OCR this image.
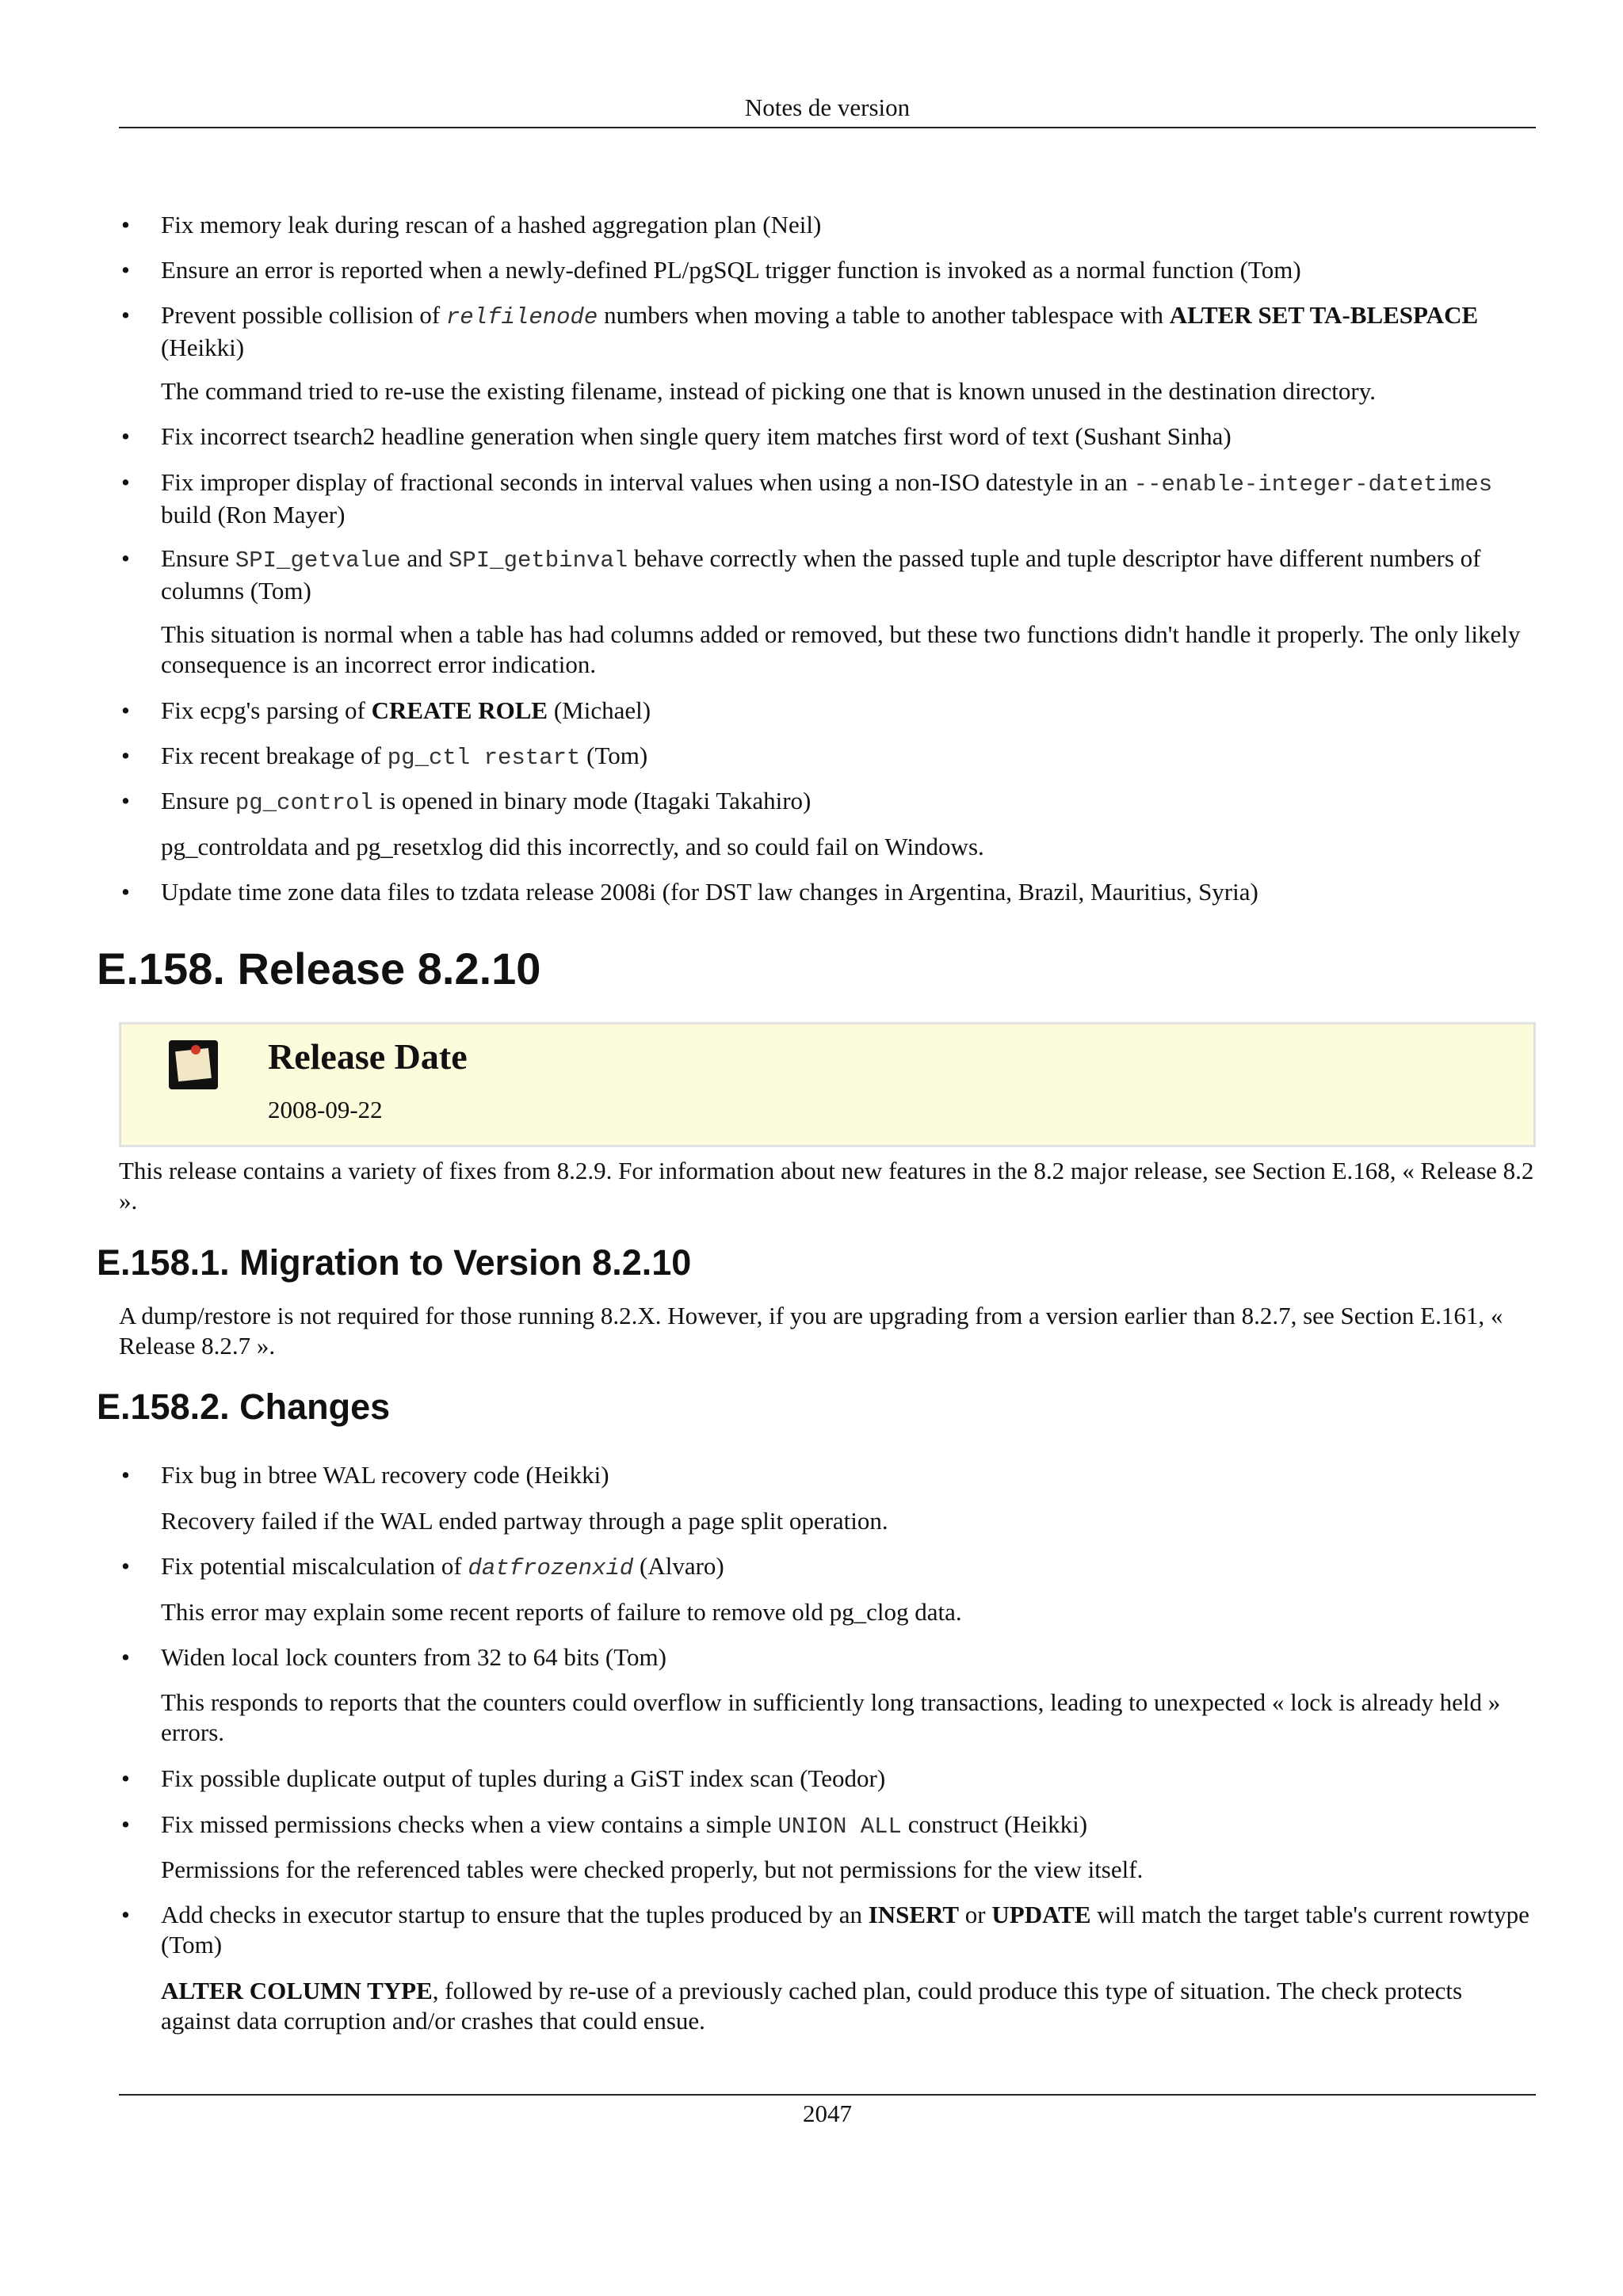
Notes de version
• Fix memory leak during rescan of a hashed aggregation plan (Neil)
• Ensure an error is reported when a newly-defined PL/pgSQL trigger function is invoked as a normal function (Tom)
• Prevent possible collision of relfilenode numbers when moving a table to another tablespace with ALTER SET TA-BLESPACE (Heikki)
The command tried to re-use the existing filename, instead of picking one that is known unused in the destination directory.
• Fix incorrect tsearch2 headline generation when single query item matches first word of text (Sushant Sinha)
• Fix improper display of fractional seconds in interval values when using a non-ISO datestyle in an --enable-integer-datetimes build (Ron Mayer)
• Ensure SPI_getvalue and SPI_getbinval behave correctly when the passed tuple and tuple descriptor have different numbers of columns (Tom)
This situation is normal when a table has had columns added or removed, but these two functions didn't handle it properly. The only likely consequence is an incorrect error indication.
• Fix ecpg's parsing of CREATE ROLE (Michael)
• Fix recent breakage of pg_ctl restart (Tom)
• Ensure pg_control is opened in binary mode (Itagaki Takahiro)
pg_controldata and pg_resetxlog did this incorrectly, and so could fail on Windows.
• Update time zone data files to tzdata release 2008i (for DST law changes in Argentina, Brazil, Mauritius, Syria)
E.158. Release 8.2.10
Release Date
2008-09-22
This release contains a variety of fixes from 8.2.9. For information about new features in the 8.2 major release, see Section E.168, « Release 8.2 ».
E.158.1. Migration to Version 8.2.10
A dump/restore is not required for those running 8.2.X. However, if you are upgrading from a version earlier than 8.2.7, see Section E.161, « Release 8.2.7 ».
E.158.2. Changes
• Fix bug in btree WAL recovery code (Heikki)
Recovery failed if the WAL ended partway through a page split operation.
• Fix potential miscalculation of datfrozenxid (Alvaro)
This error may explain some recent reports of failure to remove old pg_clog data.
• Widen local lock counters from 32 to 64 bits (Tom)
This responds to reports that the counters could overflow in sufficiently long transactions, leading to unexpected « lock is already held » errors.
• Fix possible duplicate output of tuples during a GiST index scan (Teodor)
• Fix missed permissions checks when a view contains a simple UNION ALL construct (Heikki)
Permissions for the referenced tables were checked properly, but not permissions for the view itself.
• Add checks in executor startup to ensure that the tuples produced by an INSERT or UPDATE will match the target table's current rowtype (Tom)
ALTER COLUMN TYPE, followed by re-use of a previously cached plan, could produce this type of situation. The check protects against data corruption and/or crashes that could ensue.
2047
